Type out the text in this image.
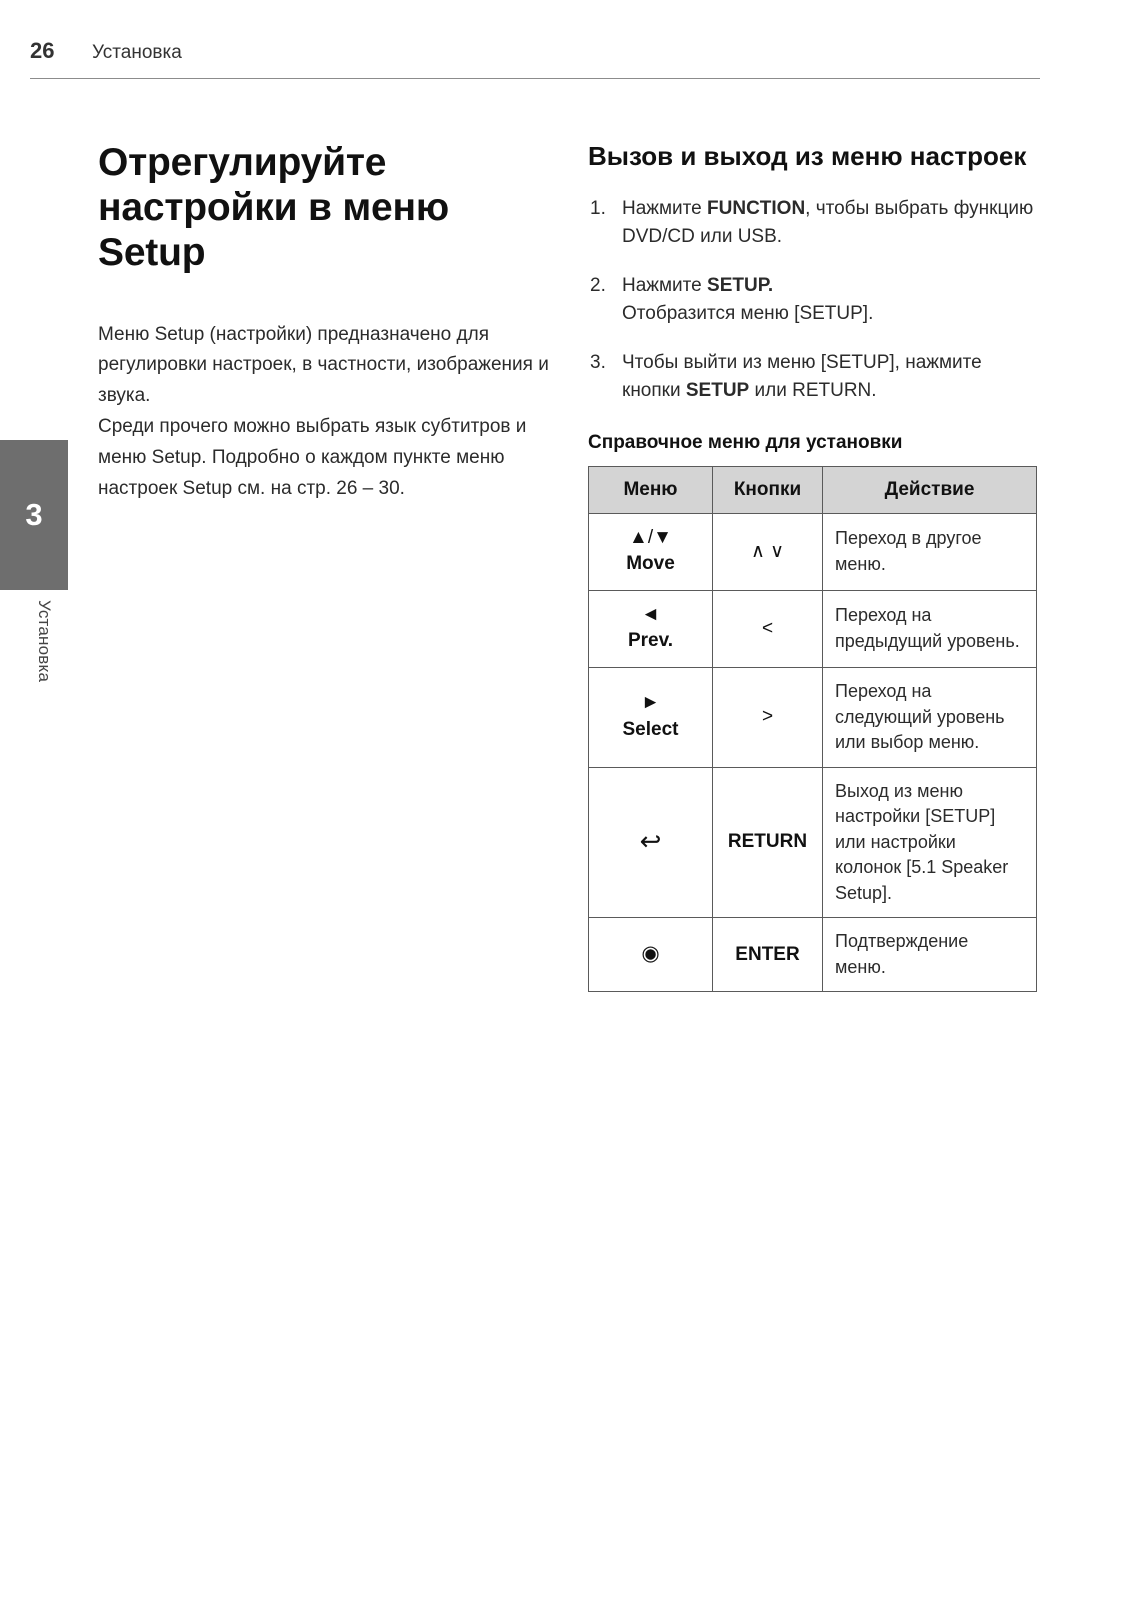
26	Установка
3
Установка
Отрегулируйте настройки в меню Setup

Меню Setup (настройки) предназначено для регулировки настроек, в частности, изображения и звука.
Среди прочего можно выбрать язык субтитров и меню Setup. Подробно о каждом пункте меню настроек Setup см. на стр. 26 – 30.

Вызов и выход из меню настроек
1. Нажмите FUNCTION, чтобы выбрать функцию DVD/CD или USB.
2. Нажмите SETUP.
Отобразится меню [SETUP].
3. Чтобы выйти из меню [SETUP], нажмите кнопки SETUP или RETURN.
Справочное меню для установки
Меню	Кнопки	Действие

▲/▼
Move	∧ ∨	Переход в другое меню.

◄
Prev.	<	Переход на предыдущий уровень.

►
Select	>	Переход на следующий уровень или выбор меню.

↩	RETURN	Выход из меню настройки [SETUP] или настройки колонок [5.1 Speaker Setup].

◉	ENTER	Подтверждение меню.
